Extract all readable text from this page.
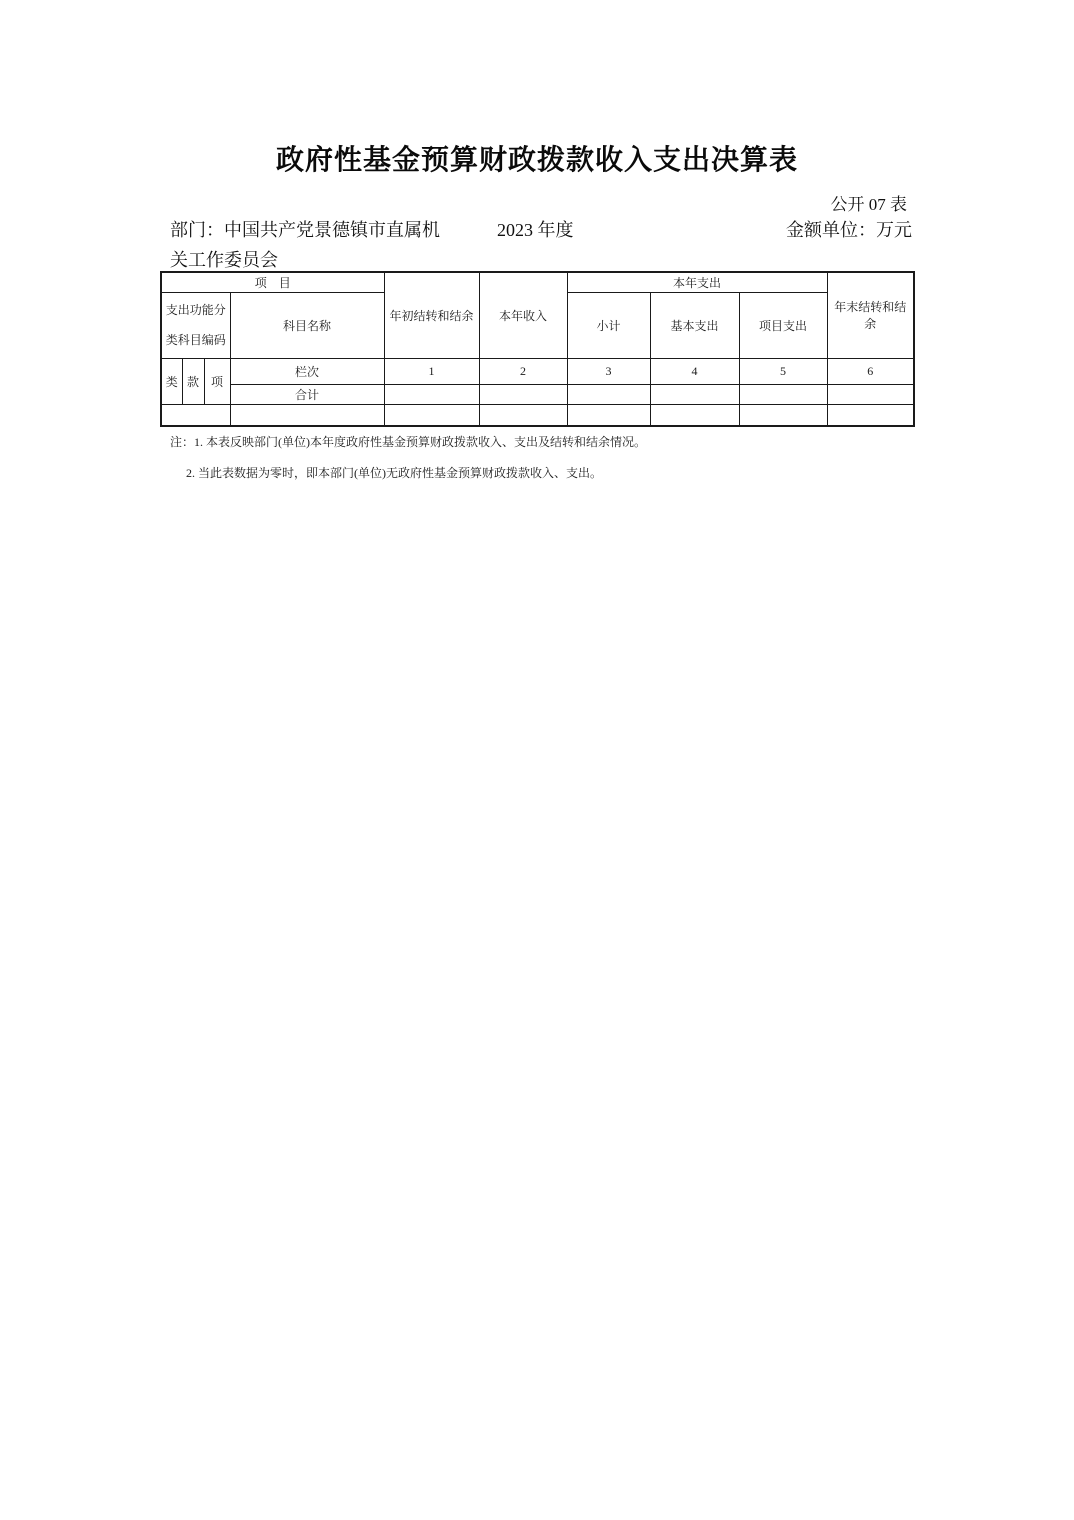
政府性基金预算财政拨款收入支出决算表
公开 07 表
部门：中国共产党景德镇市直属机	2023 年度	金额单位：万元
关工作委员会
项　目				年初结转和结余	本年收入	本年支出			年末结转和结余
支出功能分类科目编码			科目名称			小计	基本支出	项目支出	
类	款	项	栏次	1	2	3	4	5	6
			合计						

注：1. 本表反映部门(单位)本年度政府性基金预算财政拨款收入、支出及结转和结余情况。
2. 当此表数据为零时，即本部门(单位)无政府性基金预算财政拨款收入、支出。
